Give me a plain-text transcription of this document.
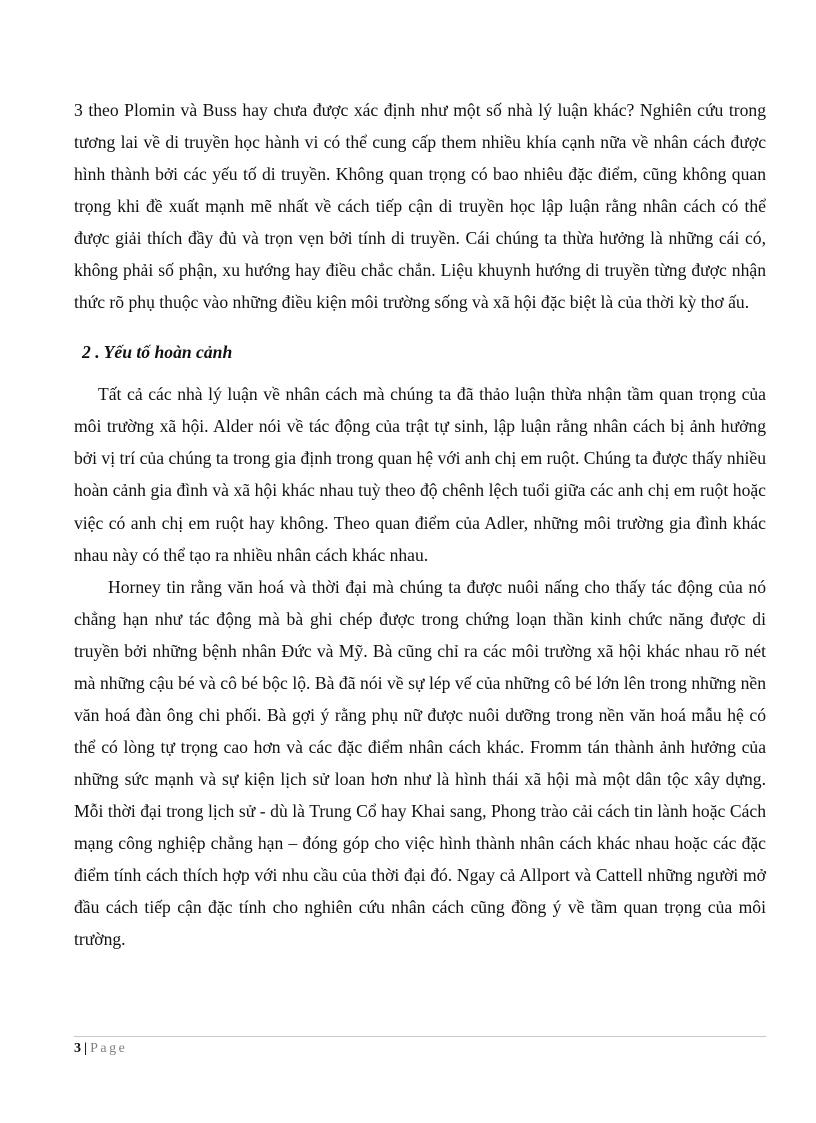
3 theo Plomin và Buss hay chưa được xác định như một số nhà lý luận khác? Nghiên cứu trong tương lai về di truyền học hành vi có thể cung cấp them nhiều khía cạnh nữa về nhân cách được hình thành bởi các yếu tố di truyền. Không quan trọng có bao nhiêu đặc điểm, cũng không quan trọng khi đề xuất mạnh mẽ nhất về cách tiếp cận di truyền học lập luận rằng nhân cách có thể được giải thích đầy đủ và trọn vẹn bởi tính di truyền. Cái chúng ta thừa hưởng là những cái có, không phải số phận, xu hướng hay điều chắc chắn. Liệu khuynh hướng di truyền từng được nhận thức rõ phụ thuộc vào những điều kiện môi trường sống và xã hội đặc biệt là của thời kỳ thơ ấu.

2 . Yếu tố hoàn cảnh

Tất cả các nhà lý luận về nhân cách mà chúng ta đã thảo luận thừa nhận tầm quan trọng của môi trường xã hội. Alder nói về tác động của trật tự sinh, lập luận rằng nhân cách bị ảnh hưởng bởi vị trí của chúng ta trong gia định trong quan hệ với anh chị em ruột. Chúng ta được thấy nhiều hoàn cảnh gia đình và xã hội khác nhau tuỳ theo độ chênh lệch tuổi giữa các anh chị em ruột hoặc việc có anh chị em ruột hay không. Theo quan điểm của Adler, những môi trường gia đình khác nhau này có thể tạo ra nhiều nhân cách khác nhau.

Horney tin rằng văn hoá và thời đại mà chúng ta được nuôi nấng cho thấy tác động của nó chẳng hạn như tác động mà bà ghi chép được trong chứng loạn thần kinh chức năng được di truyền bởi những bệnh nhân Đức và Mỹ. Bà cũng chỉ ra các môi trường xã hội khác nhau rõ nét mà những cậu bé và cô bé bộc lộ. Bà đã nói về sự lép vế của những cô bé lớn lên trong những nền văn hoá đàn ông chi phối. Bà gợi ý rằng phụ nữ được nuôi dưỡng trong nền văn hoá mẫu hệ có thể có lòng tự trọng cao hơn và các đặc điểm nhân cách khác. Fromm tán thành ảnh hưởng của những sức mạnh và sự kiện lịch sử loan hơn như là hình thái xã hội mà một dân tộc xây dựng. Mỗi thời đại trong lịch sử - dù là Trung Cổ hay Khai sang, Phong trào cải cách tin lành hoặc Cách mạng công nghiệp chẳng hạn – đóng góp cho việc hình thành nhân cách khác nhau hoặc các đặc điểm tính cách thích hợp với nhu cầu của thời đại đó. Ngay cả Allport và Cattell những người mở đầu cách tiếp cận đặc tính cho nghiên cứu nhân cách cũng đồng ý về tầm quan trọng của môi trường.

3 | Page
